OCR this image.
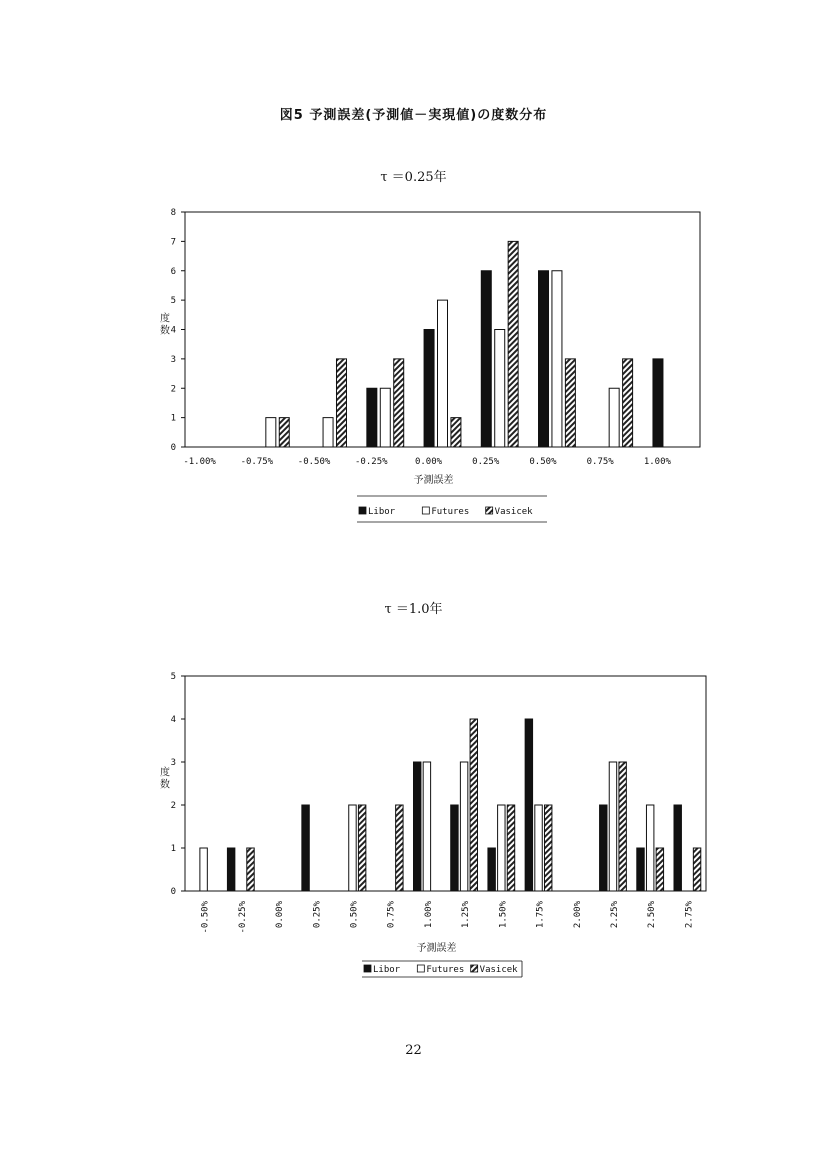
図5 予測誤差(予測値－実現値)の度数分布
τ ＝0.25年
τ ＝1.0年
0
1
2
3
4
5
6
7
8
度数
-1.00%	-0.75%	-0.50%	-0.25%	0.00%	0.25%	0.50%	0.75%	1.00%
予測誤差
Libor	Futures	Vasicek
0
1
2
3
4
5
度数
-0.50%	-0.25%	0.00%	0.25%	0.50%	0.75%	1.00%	1.25%	1.50%	1.75%	2.00%	2.25%	2.50%	2.75%
予測誤差
Libor	Futures Vasicek
22
